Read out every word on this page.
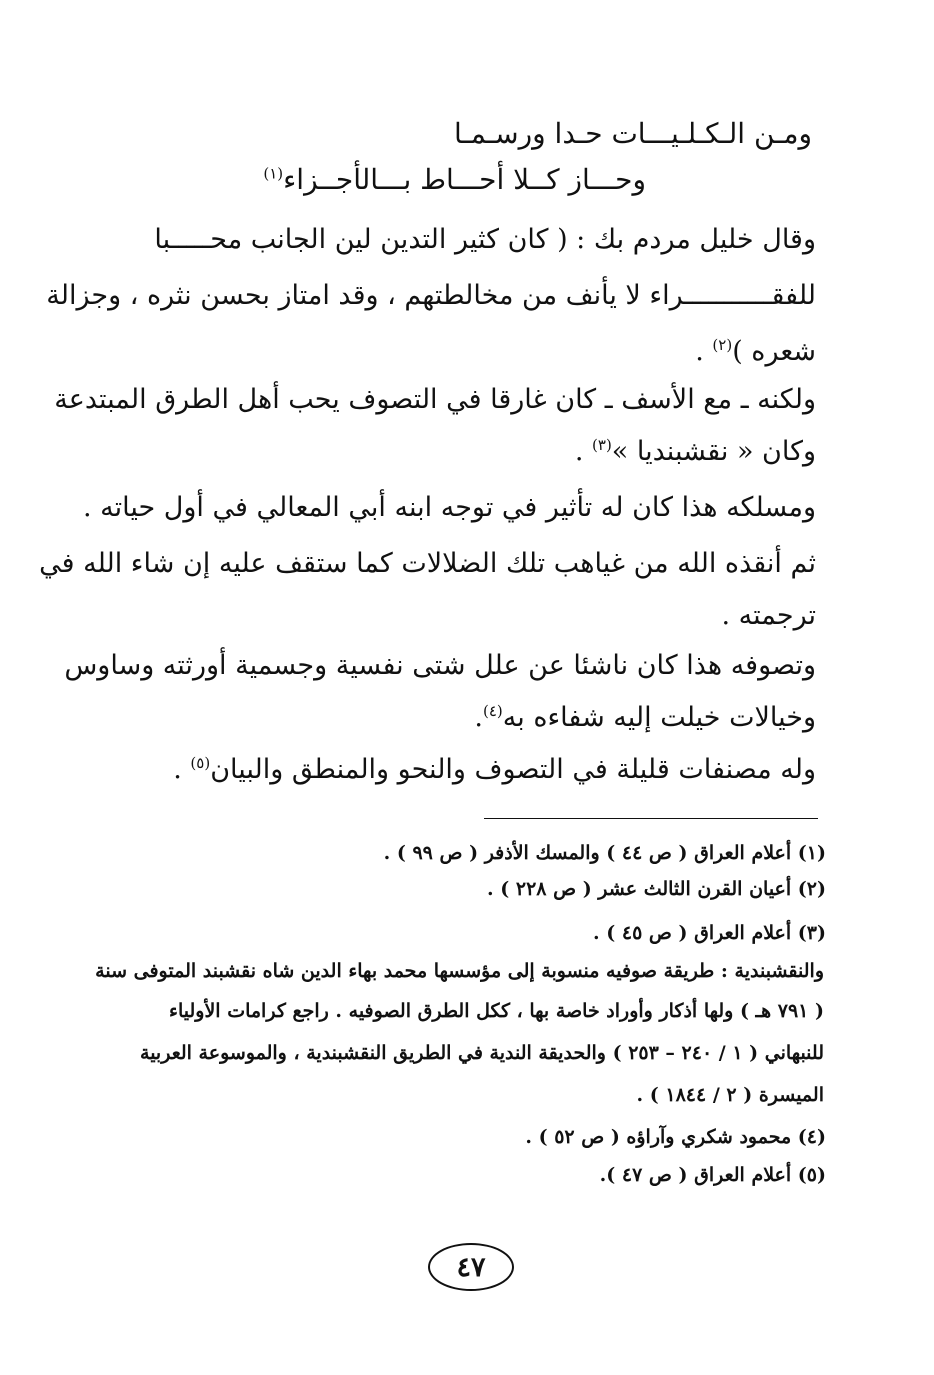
ومـن الـكـلـيـــات حـدا ورسـمـا
وحـــاز كــلا أحـــاط بـــالأجــزاء$^{(١)}$
وقال خليل مردم بك : ( كان كثير التدين لين الجانب محـــــبا
للفقـــــــــــراء لا يأنف من مخالطتهم ، وقد امتاز بحسن نثره ، وجزالة
شعره )$^{(٢)}$ .
ولكنه ـ مع الأسف ـ كان غارقا في التصوف يحب أهل الطرق المبتدعة
وكان « نقشبنديا »$^{(٣)}$ .
ومسلكه هذا كان له تأثير في توجه ابنه أبي المعالي في أول حياته .
ثم أنقذه الله من غياهب تلك الضلالات كما ستقف عليه إن شاء الله في
ترجمته .
وتصوفه هذا كان ناشئا عن علل شتى نفسية وجسمية أورثته وساوس
وخيالات خيلت إليه شفاءه به$^{(٤)}$.
وله مصنفات قليلة في التصوف والنحو والمنطق والبيان$^{(٥)}$ .
(١) أعلام العراق ( ص ٤٤ ) والمسك الأذفر ( ص ٩٩ ) .
(٢) أعيان القرن الثالث عشر ( ص ٢٢٨ ) .
(٣) أعلام العراق ( ص ٤٥ ) .
والنقشبندية : طريقة صوفيه منسوبة إلى مؤسسها محمد بهاء الدين شاه نقشبند المتوفى سنة
( ٧٩١ هـ ) ولها أذكار وأوراد خاصة بها ، ككل الطرق الصوفيه . راجع كرامات الأولياء
للنبهاني ( ١ / ٢٤٠ – ٢٥٣ ) والحديقة الندية في الطريق النقشبندية ، والموسوعة العربية
الميسرة ( ٢ / ١٨٤٤ ) .
(٤) محمود شكري وآراؤه ( ص ٥٢ ) .
(٥) أعلام العراق ( ص ٤٧ ).
٤٧
